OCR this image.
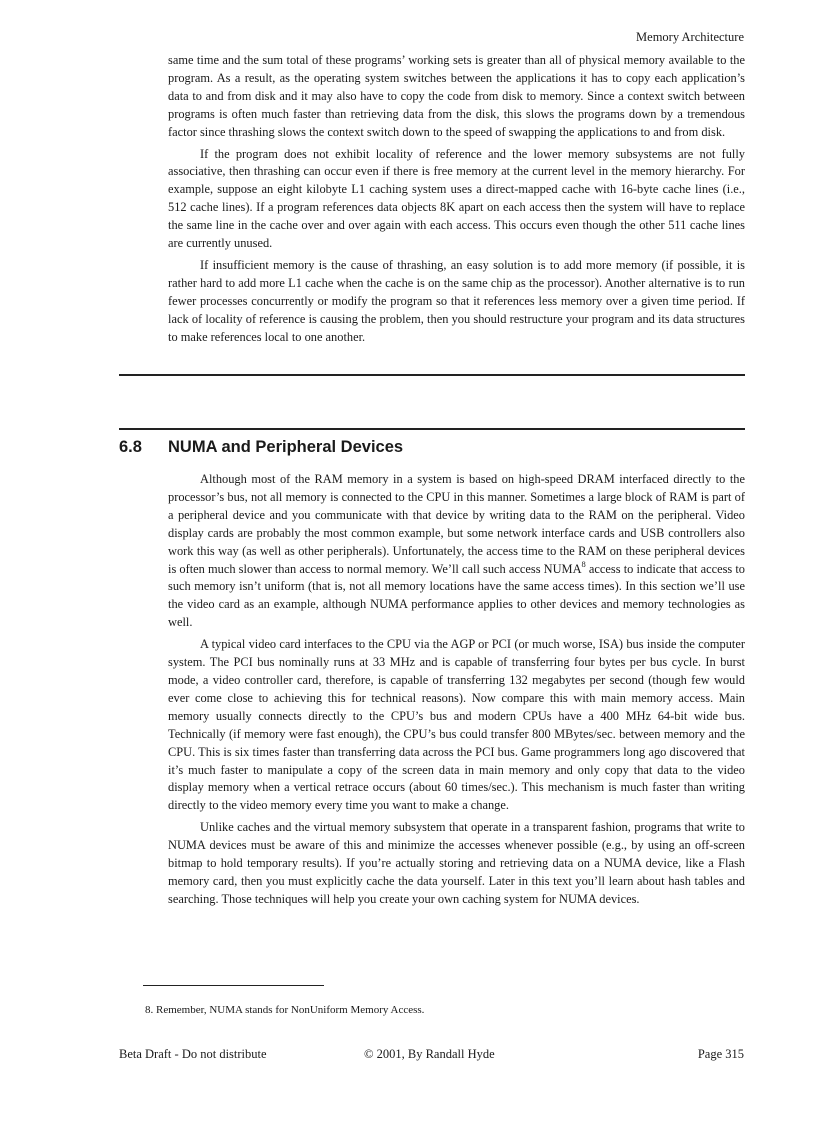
Memory Architecture

same time and the sum total of these programs’ working sets is greater than all of physical memory available to the program. As a result, as the operating system switches between the applications it has to copy each application’s data to and from disk and it may also have to copy the code from disk to memory. Since a context switch between programs is often much faster than retrieving data from the disk, this slows the programs down by a tremendous factor since thrashing slows the context switch down to the speed of swapping the applications to and from disk.

If the program does not exhibit locality of reference and the lower memory subsystems are not fully associative, then thrashing can occur even if there is free memory at the current level in the memory hierarchy. For example, suppose an eight kilobyte L1 caching system uses a direct-mapped cache with 16-byte cache lines (i.e., 512 cache lines). If a program references data objects 8K apart on each access then the system will have to replace the same line in the cache over and over again with each access. This occurs even though the other 511 cache lines are currently unused.

If insufficient memory is the cause of thrashing, an easy solution is to add more memory (if possible, it is rather hard to add more L1 cache when the cache is on the same chip as the processor). Another alternative is to run fewer processes concurrently or modify the program so that it references less memory over a given time period. If lack of locality of reference is causing the problem, then you should restructure your program and its data structures to make references local to one another.

6.8 NUMA and Peripheral Devices

Although most of the RAM memory in a system is based on high-speed DRAM interfaced directly to the processor’s bus, not all memory is connected to the CPU in this manner. Sometimes a large block of RAM is part of a peripheral device and you communicate with that device by writing data to the RAM on the peripheral. Video display cards are probably the most common example, but some network interface cards and USB controllers also work this way (as well as other peripherals). Unfortunately, the access time to the RAM on these peripheral devices is often much slower than access to normal memory. We’ll call such access NUMA$^8$ access to indicate that access to such memory isn’t uniform (that is, not all memory locations have the same access times). In this section we’ll use the video card as an example, although NUMA performance applies to other devices and memory technologies as well.

A typical video card interfaces to the CPU via the AGP or PCI (or much worse, ISA) bus inside the computer system. The PCI bus nominally runs at 33 MHz and is capable of transferring four bytes per bus cycle. In burst mode, a video controller card, therefore, is capable of transferring 132 megabytes per second (though few would ever come close to achieving this for technical reasons). Now compare this with main memory access. Main memory usually connects directly to the CPU’s bus and modern CPUs have a 400 MHz 64-bit wide bus. Technically (if memory were fast enough), the CPU’s bus could transfer 800 MBytes/sec. between memory and the CPU. This is six times faster than transferring data across the PCI bus. Game programmers long ago discovered that it’s much faster to manipulate a copy of the screen data in main memory and only copy that data to the video display memory when a vertical retrace occurs (about 60 times/sec.). This mechanism is much faster than writing directly to the video memory every time you want to make a change.

Unlike caches and the virtual memory subsystem that operate in a transparent fashion, programs that write to NUMA devices must be aware of this and minimize the accesses whenever possible (e.g., by using an off-screen bitmap to hold temporary results). If you’re actually storing and retrieving data on a NUMA device, like a Flash memory card, then you must explicitly cache the data yourself. Later in this text you’ll learn about hash tables and searching. Those techniques will help you create your own caching system for NUMA devices.

8. Remember, NUMA stands for NonUniform Memory Access.
Beta Draft - Do not distribute	© 2001, By Randall Hyde	Page 315
